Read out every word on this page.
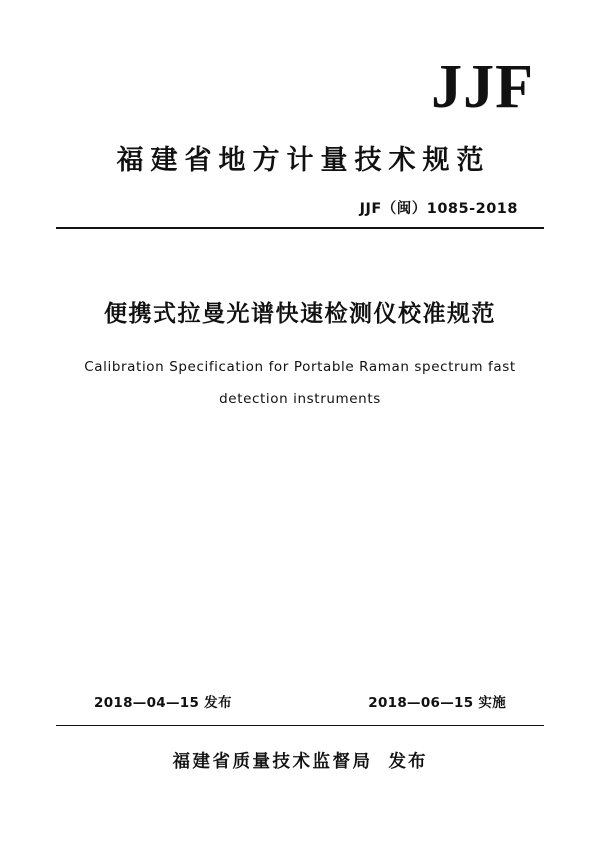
JJF
福建省地方计量技术规范
JJF（闽）1085-2018
便携式拉曼光谱快速检测仪校准规范
Calibration Specification for Portable Raman spectrum fast
detection instruments
2018—04—15 发布	2018—06—15 实施
福建省质量技术监督局 发布
